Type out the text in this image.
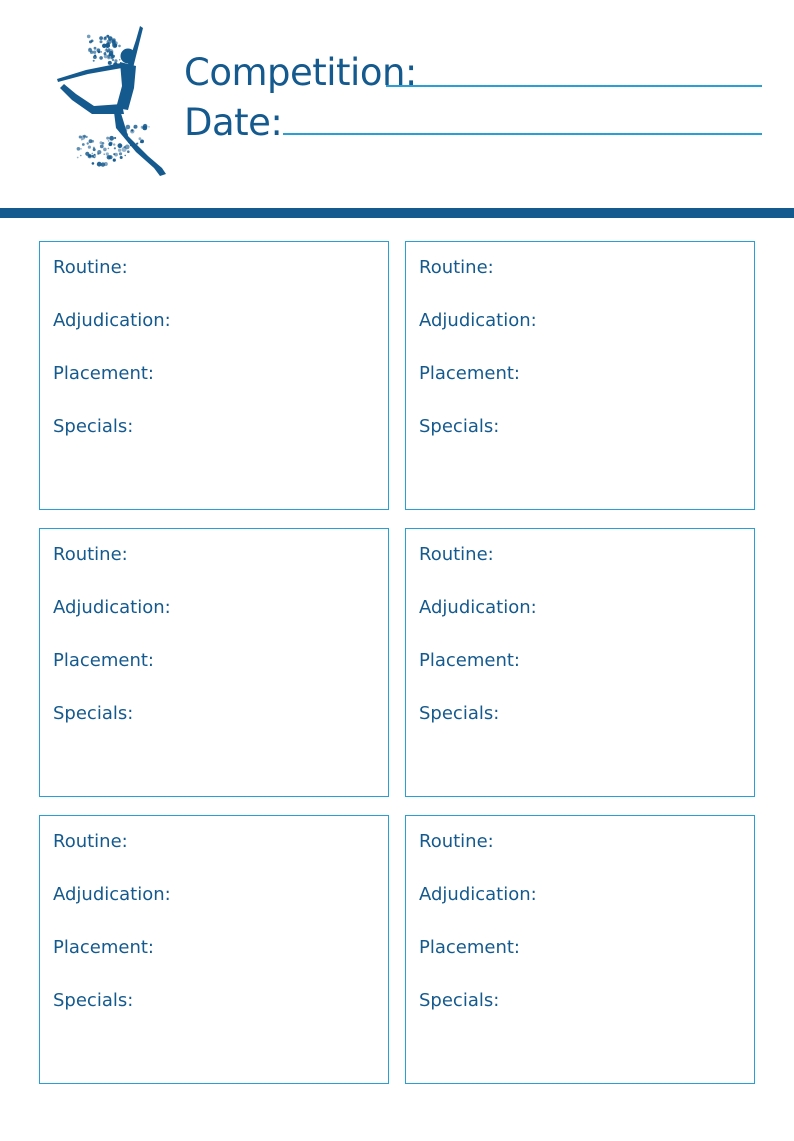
Competition:
Date:
Routine:
Adjudication:
Placement:
Specials:
Routine:
Adjudication:
Placement:
Specials:
Routine:
Adjudication:
Placement:
Specials:
Routine:
Adjudication:
Placement:
Specials:
Routine:
Adjudication:
Placement:
Specials:
Routine:
Adjudication:
Placement:
Specials:
